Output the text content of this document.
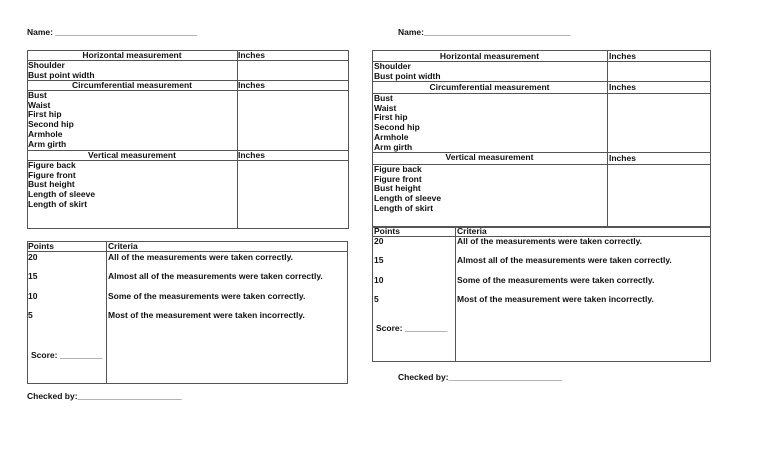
Name: ______________________________
Horizontal measurement	Inches
Shoulder
Bust point width
Circumferential measurement	Inches
Bust
Waist
First hip
Second hip
Armhole
Arm girth
Vertical measurement	Inches
Figure back
Figure front
Bust height
Length of sleeve
Length of skirt
Points	Criteria
20	All of the measurements were taken correctly.
15	Almost all of the measurements were taken correctly.
10	Some of the measurements were taken correctly.
5	Most of the measurement were taken incorrectly.
Score: _________
Checked by:______________________
Name:_______________________________
Horizontal measurement	Inches
Shoulder
Bust point width
Circumferential measurement	Inches
Bust
Waist
First hip
Second hip
Armhole
Arm girth
Vertical measurement	Inches
Figure back
Figure front
Bust height
Length of sleeve
Length of skirt
Points	Criteria
20	All of the measurements were taken correctly.
15	Almost all of the measurements were taken correctly.
10	Some of the measurements were taken correctly.
5	Most of the measurement were taken incorrectly.
Score: _________
Checked by:________________________
